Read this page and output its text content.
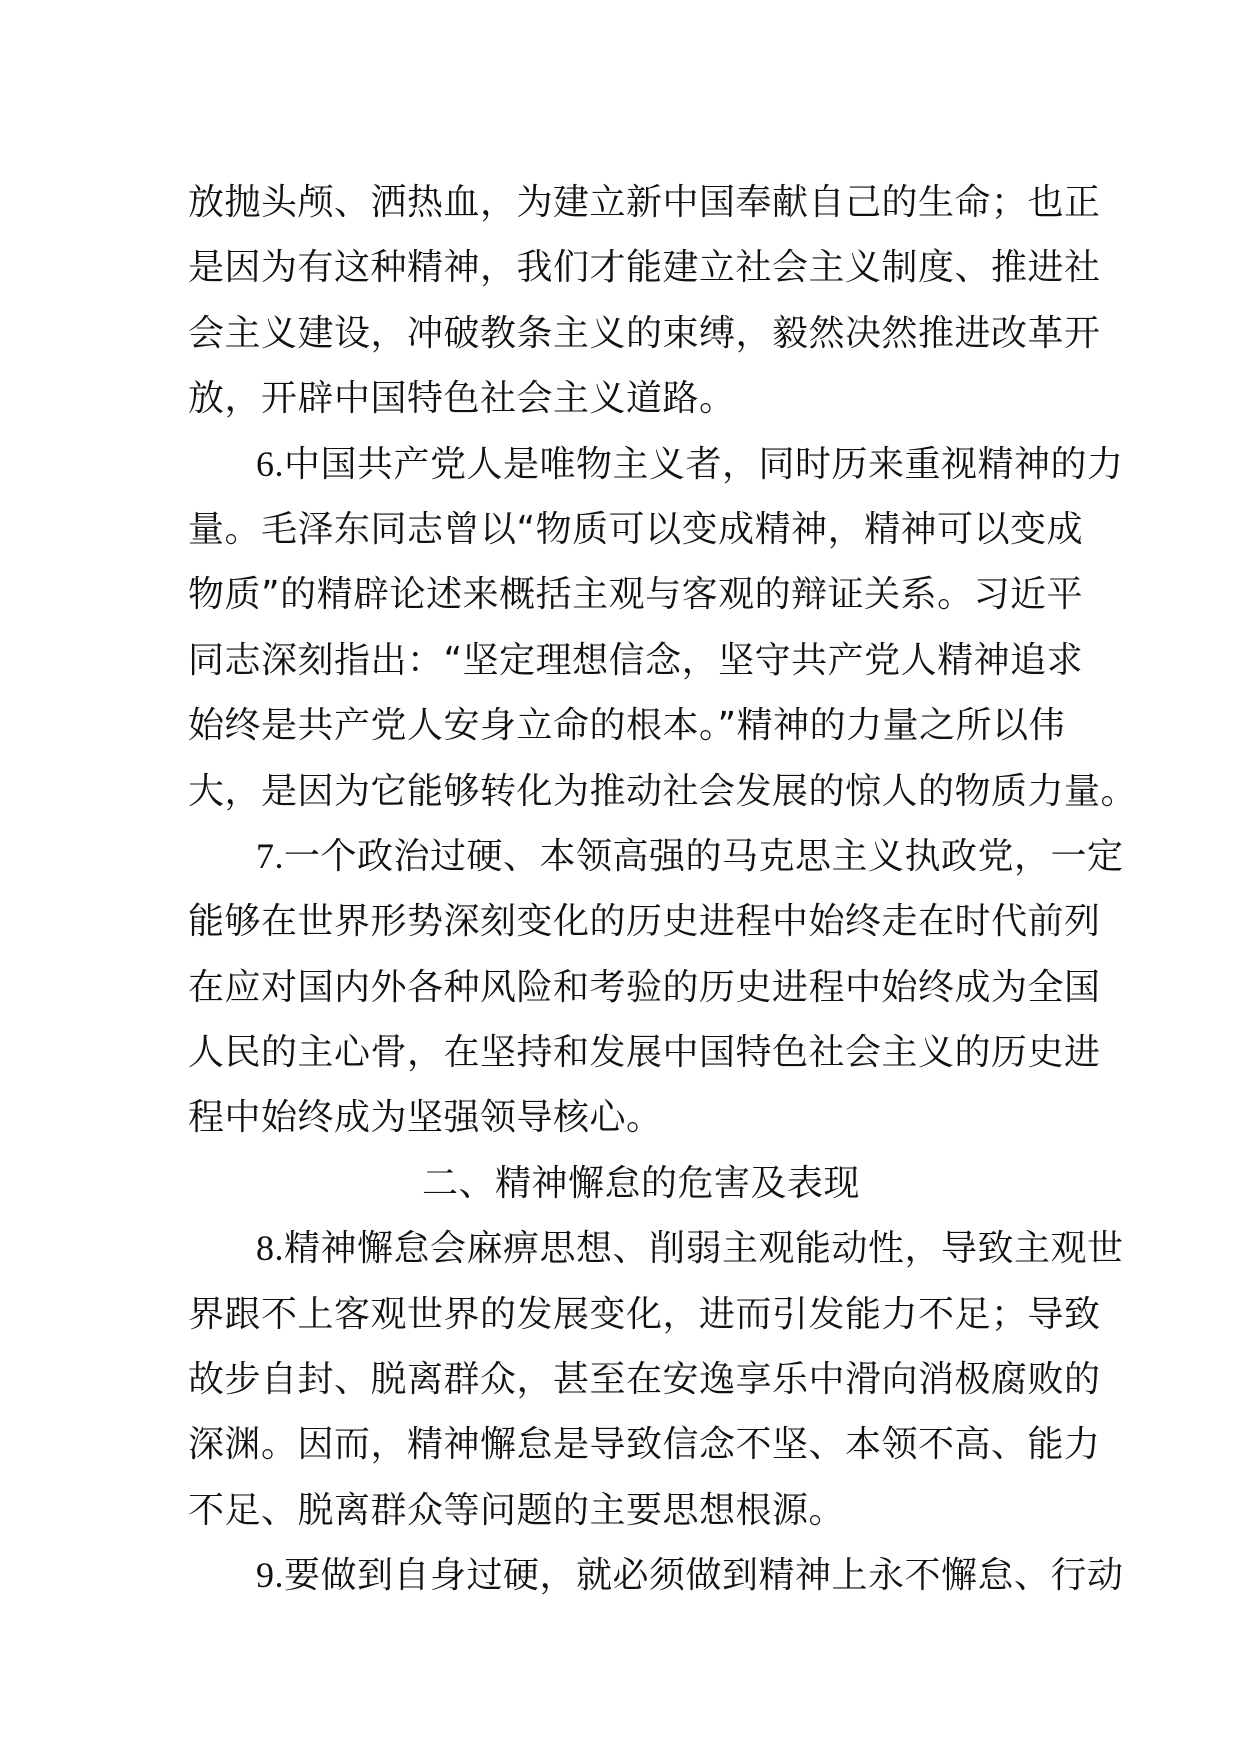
放抛头颅、洒热血，为建立新中国奉献自己的生命；也正
是因为有这种精神，我们才能建立社会主义制度、推进社
会主义建设，冲破教条主义的束缚，毅然决然推进改革开
放，开辟中国特色社会主义道路。
6.中国共产党人是唯物主义者，同时历来重视精神的力
量。毛泽东同志曾以“物质可以变成精神，精神可以变成
物质”的精辟论述来概括主观与客观的辩证关系。习近平
同志深刻指出：“坚定理想信念，坚守共产党人精神追求
始终是共产党人安身立命的根本。”精神的力量之所以伟
大，是因为它能够转化为推动社会发展的惊人的物质力量。
7.一个政治过硬、本领高强的马克思主义执政党，一定
能够在世界形势深刻变化的历史进程中始终走在时代前列
在应对国内外各种风险和考验的历史进程中始终成为全国
人民的主心骨，在坚持和发展中国特色社会主义的历史进
程中始终成为坚强领导核心。
二、精神懈怠的危害及表现
8.精神懈怠会麻痹思想、削弱主观能动性，导致主观世
界跟不上客观世界的发展变化，进而引发能力不足；导致
故步自封、脱离群众，甚至在安逸享乐中滑向消极腐败的
深渊。因而，精神懈怠是导致信念不坚、本领不高、能力
不足、脱离群众等问题的主要思想根源。
9.要做到自身过硬，就必须做到精神上永不懈怠、行动
